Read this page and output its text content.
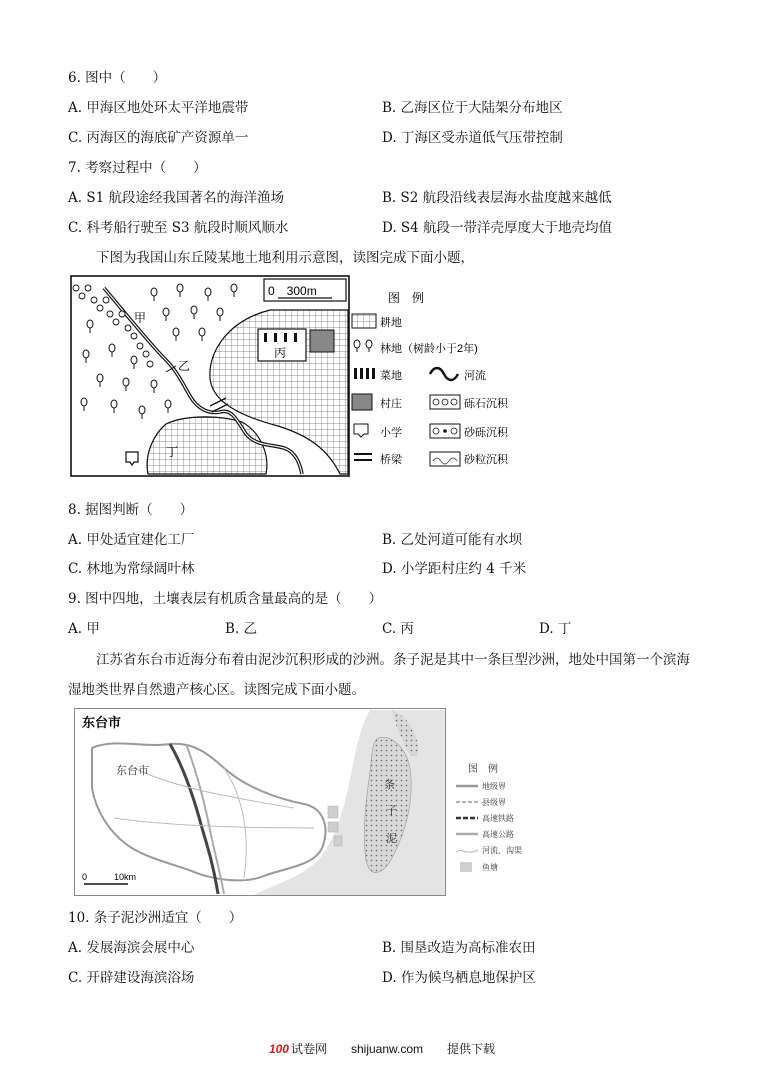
6. 图中（　　）
A. 甲海区地处环太平洋地震带	B. 乙海区位于大陆架分布地区
C. 丙海区的海底矿产资源单一	D. 丁海区受赤道低气压带控制
7. 考察过程中（　　）
A. S1 航段途经我国著名的海洋渔场	B. S2 航段沿线表层海水盐度越来越低
C. 科考船行驶至 S3 航段时顺风顺水	D. S4 航段一带洋壳厚度大于地壳均值
下图为我国山东丘陵某地土地利用示意图，读图完成下面小题，
0　300m
丙
甲
乙
丁
图　例
耕地
林地（树龄小于2年)
菜地	河流
村庄	砾石沉积
小学	砂砾沉积
桥梁	砂粒沉积
8. 据图判断（　　）
A. 甲处适宜建化工厂	B. 乙处河道可能有水坝
C. 林地为常绿阔叶林	D. 小学距村庄约 4 千米
9. 图中四地，土壤表层有机质含量最高的是（　　）
A. 甲	B. 乙	C. 丙	D. 丁
江苏省东台市近海分布着由泥沙沉积形成的沙洲。条子泥是其中一条巨型沙洲，地处中国第一个滨海
湿地类世界自然遗产核心区。读图完成下面小题。
东台市
东台市
条
子
泥
0	10km
图　例
地级界
县级界
高速铁路
高速公路
河流、沟渠
鱼塘
10. 条子泥沙洲适宜（　　）
A. 发展海滨会展中心	B. 围垦改造为高标准农田
C. 开辟建设海滨浴场	D. 作为候鸟栖息地保护区
100 试卷网 shijuanw.com 提供下载
